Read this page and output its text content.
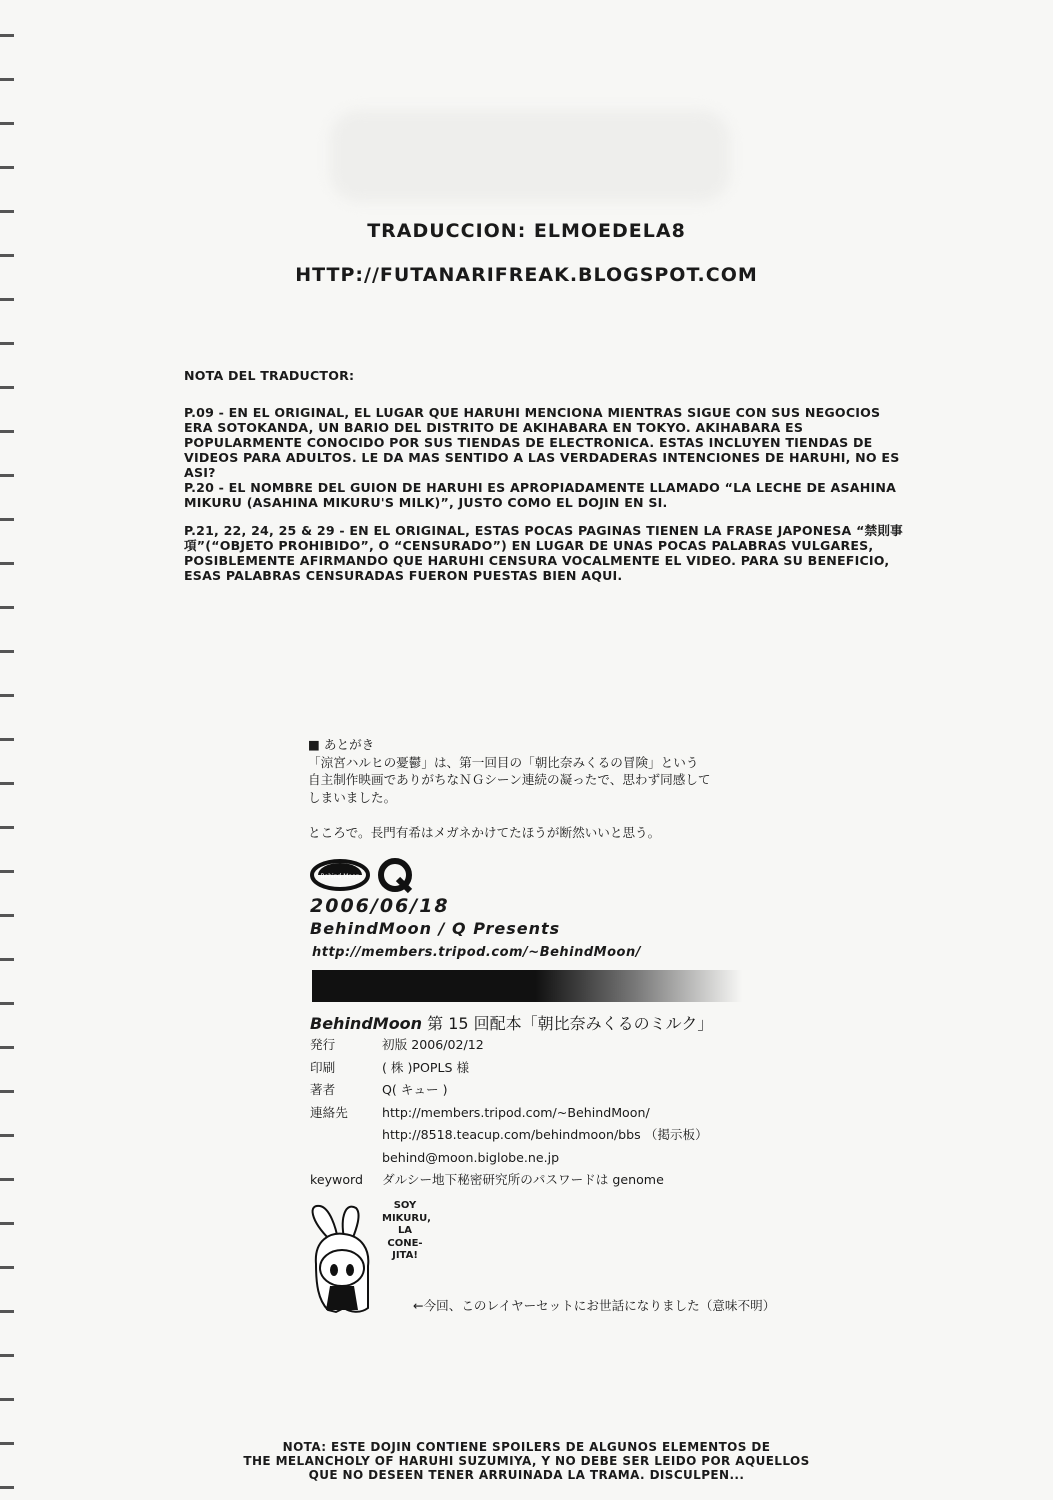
TRADUCCION: ELMOEDELA8
HTTP://FUTANARIFREAK.BLOGSPOT.COM
NOTA DEL TRADUCTOR:

P.09 - EN EL ORIGINAL, EL LUGAR QUE HARUHI MENCIONA MIENTRAS SIGUE CON SUS NEGOCIOS ERA SOTOKANDA, UN BARIO DEL DISTRITO DE AKIHABARA EN TOKYO. AKIHABARA ES POPULARMENTE CONOCIDO POR SUS TIENDAS DE ELECTRONICA. ESTAS INCLUYEN TIENDAS DE VIDEOS PARA ADULTOS. LE DA MAS SENTIDO A LAS VERDADERAS INTENCIONES DE HARUHI, NO ES ASI?

P.20 - EL NOMBRE DEL GUION DE HARUHI ES APROPIADAMENTE LLAMADO “LA LECHE DE ASAHINA MIKURU (ASAHINA MIKURU'S MILK)”, JUSTO COMO EL DOJIN EN SI.

P.21, 22, 24, 25 & 29 - EN EL ORIGINAL, ESTAS POCAS PAGINAS TIENEN LA FRASE JAPONESA “禁則事項”(“OBJETO PROHIBIDO”, O “CENSURADO”) EN LUGAR DE UNAS POCAS PALABRAS VULGARES, POSIBLEMENTE AFIRMANDO QUE HARUHI CENSURA VOCALMENTE EL VIDEO. PARA SU BENEFICIO, ESAS PALABRAS CENSURADAS FUERON PUESTAS BIEN AQUI.

■ あとがき

「涼宮ハルヒの憂鬱」は、第一回目の「朝比奈みくるの冒険」という

自主制作映画でありがちなＮＧシーン連続の凝ったで、思わず同感して

しまいました。

ところで。長門有希はメガネかけてたほうが断然いいと思う。

Behind Moon	Q
2006/06/18
BehindMoon / Q Presents
http://members.tripod.com/~BehindMoon/
BehindMoon 第 15 回配本「朝比奈みくるのミルク」
発行	初版 2006/02/12
印刷	( 株 )POPLS 様
著者	Q( キュー )
連絡先	http://members.tripod.com/~BehindMoon/
http://8518.teacup.com/behindmoon/bbs （掲示板）
behind@moon.biglobe.ne.jp
keyword	ダルシー地下秘密研究所のパスワードは genome
SOY
MIKURU,
LA
CONE-
JITA!
←今回、このレイヤーセットにお世話になりました（意味不明）
NOTA: ESTE DOJIN CONTIENE SPOILERS DE ALGUNOS ELEMENTOS DE
THE MELANCHOLY OF HARUHI SUZUMIYA, Y NO DEBE SER LEIDO POR AQUELLOS
QUE NO DESEEN TENER ARRUINADA LA TRAMA. DISCULPEN...
